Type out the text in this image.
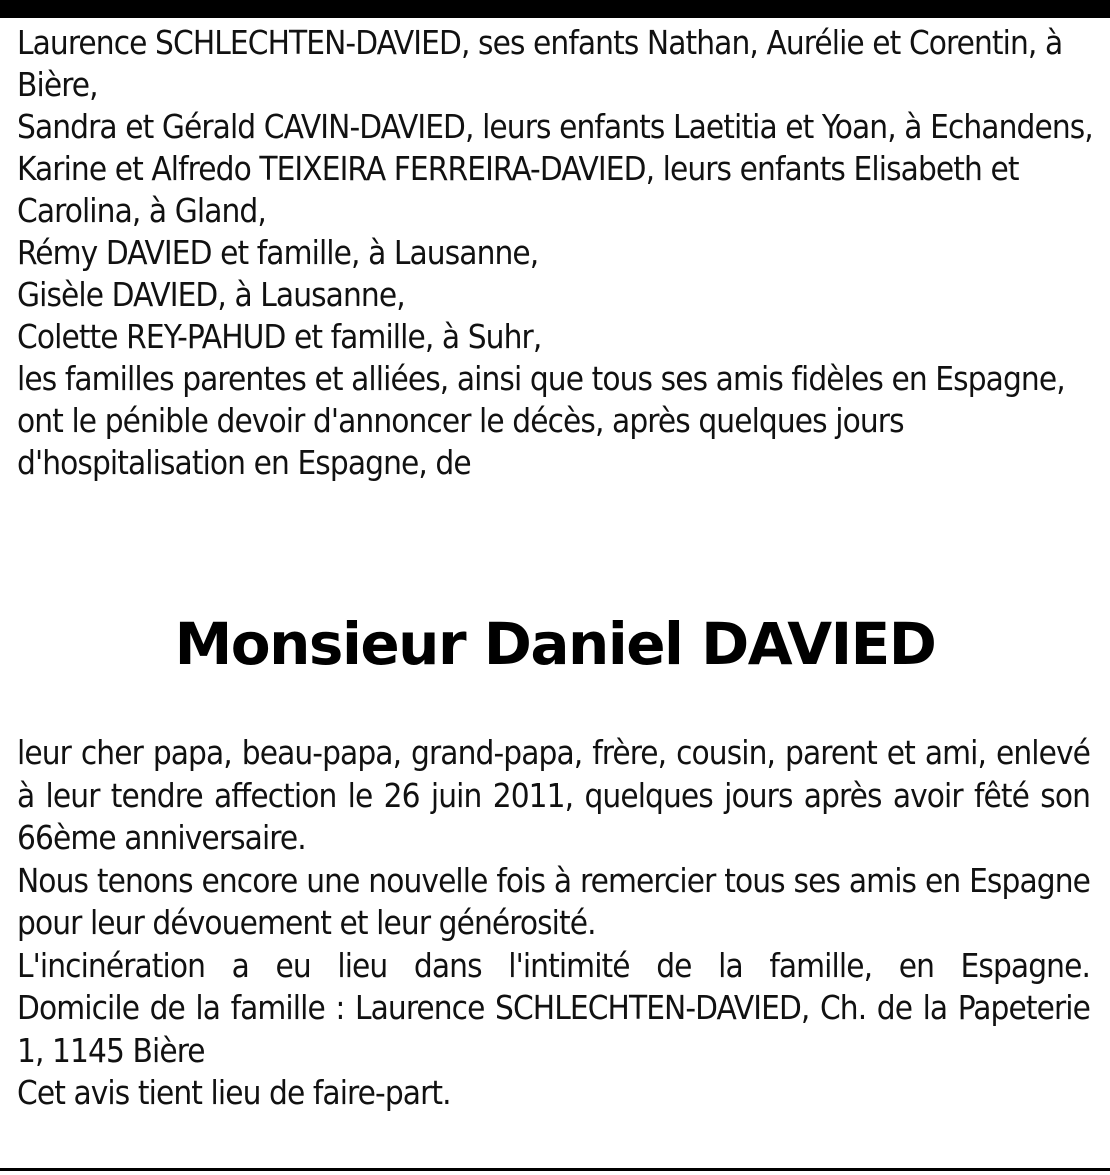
Laurence SCHLECHTEN-DAVIED, ses enfants Nathan, Aurélie et Corentin, à Bière,

Sandra et Gérald CAVIN-DAVIED, leurs enfants Laetitia et Yoan, à Echandens,

Karine et Alfredo TEIXEIRA FERREIRA-DAVIED, leurs enfants Elisabeth et Carolina, à Gland,

Rémy DAVIED et famille, à Lausanne,

Gisèle DAVIED, à Lausanne,

Colette REY-PAHUD et famille, à Suhr,

les familles parentes et alliées, ainsi que tous ses amis fidèles en Espagne,

ont le pénible devoir d'annoncer le décès, après quelques jours d'hospitalisation en Espagne, de

Monsieur Daniel DAVIED

leur cher papa, beau-papa, grand-papa, frère, cousin, parent et ami, enlevé à leur tendre affection le 26 juin 2011, quelques jours après avoir fêté son 66ème anniversaire.

Nous tenons encore une nouvelle fois à remercier tous ses amis en Espagne pour leur dévouement et leur générosité.

L'incinération a eu lieu dans l'intimité de la famille, en Espagne.

Domicile de la famille : Laurence SCHLECHTEN-DAVIED, Ch. de la Papeterie 1, 1145 Bière

Cet avis tient lieu de faire-part.
